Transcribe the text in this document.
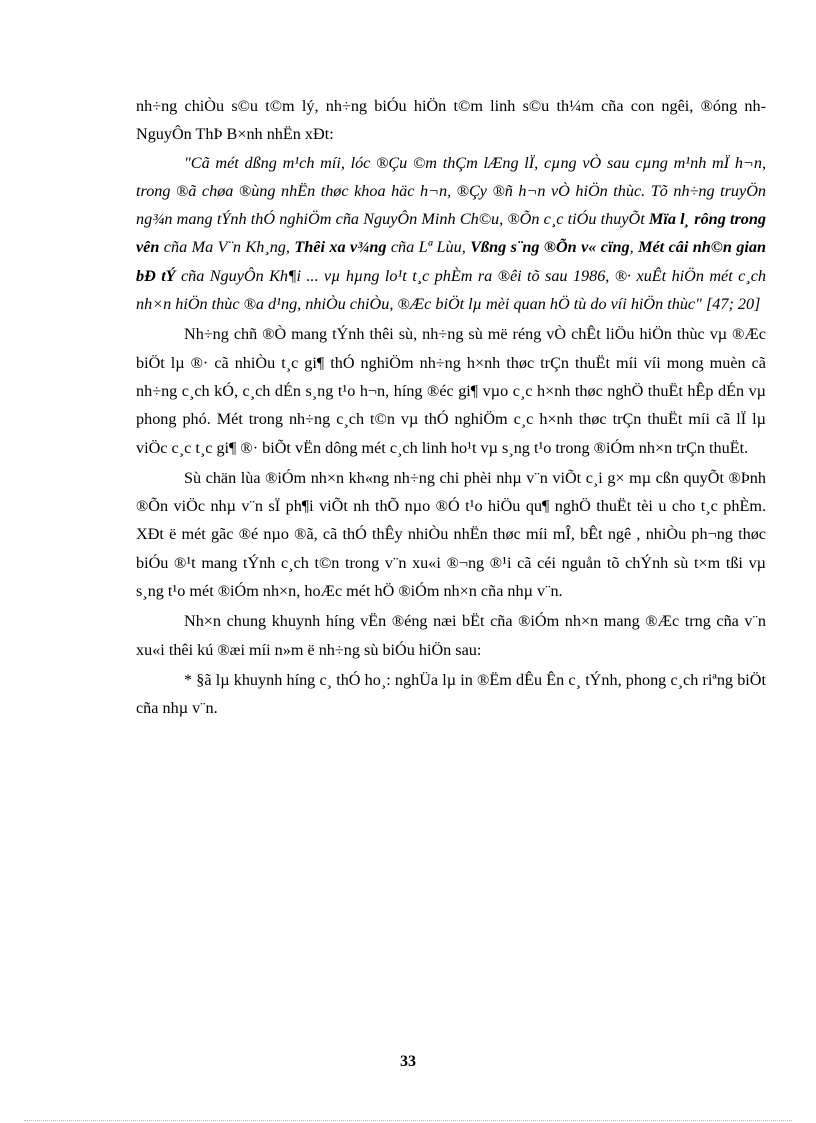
nh÷ng chiÒu s©u t©m lý, nh÷ng biÓu hiÖn t©m linh s©u th¼m cña con ngêi, ®óng nh NguyÔn ThÞ B×nh nhËn xÐt:

"Cã mét dßng m¹ch míi, lóc ®Çu ©m thÇm lÆng lÏ, cµng vÒ sau cµng m¹nh mÏ h¬n, trong ®ã chøa ®ùng nhËn thøc khoa häc h¬n, ®Çy ®ñ h¬n vÒ hiÖn thùc. Tõ nh÷ng truyÖn ng¾n mang tÝnh thÓ nghiÖm cña NguyÔn Minh Ch©u, ®Õn c¸c tiÓu thuyÕt Mïa l¸ rông trong vên cña Ma V¨n Kh¸ng, Thêi xa v¾ng cña Lª Lùu, Vßng s¨ng ®Õn v« cïng, Mét câi nh©n gian bÐ tÝ cña NguyÔn Kh¶i ... vµ hµng lo¹t t¸c phÈm ra ®êi tõ sau 1986, ®· xuÊt hiÖn mét c¸ch nh×n hiÖn thùc ®a d¹ng, nhiÒu chiÒu, ®Æc biÖt lµ mèi quan hÖ tù do víi hiÖn thùc" [47; 20]

Nh÷ng chñ ®Ò mang tÝnh thêi sù, nh÷ng sù më réng vÒ chÊt liÖu hiÖn thùc vµ ®Æc biÖt lµ ®· cã nhiÒu t¸c gi¶ thÓ nghiÖm nh÷ng h×nh thøc trÇn thuËt míi víi mong muèn cã nh÷ng c¸ch kÓ, c¸ch dÉn s¸ng t¹o h¬n, híng ®éc gi¶ vµo c¸c h×nh thøc nghÖ thuËt hÊp dÉn vµ phong phó. Mét trong nh÷ng c¸ch t©n vµ thÓ nghiÖm c¸c h×nh thøc trÇn thuËt míi cã lÏ lµ viÖc c¸c t¸c gi¶ ®· biÕt vËn dông mét c¸ch linh ho¹t vµ s¸ng t¹o trong ®iÓm nh×n trÇn thuËt.

Sù chän lùa ®iÓm nh×n kh«ng nh÷ng chi phèi nhµ v¨n viÕt c¸i g× mµ cßn quyÕt ®Þnh ®Õn viÖc nhµ v¨n sÏ ph¶i viÕt nh thÕ nµo ®Ó t¹o hiÖu qu¶ nghÖ thuËt tèi u cho t¸c phÈm. XÐt ë mét gãc ®é nµo ®ã, cã thÓ thÊy nhiÒu nhËn thøc míi mÎ, bÊt ngê , nhiÒu ph¬ng thøc biÓu ®¹t mang tÝnh c¸ch t©n trong v¨n xu«i ®¬ng ®¹i cã céi nguån tõ chÝnh sù t×m tßi vµ s¸ng t¹o mét ®iÓm nh×n, hoÆc mét hÖ ®iÓm nh×n cña nhµ v¨n.

Nh×n chung khuynh híng vËn ®éng næi bËt cña ®iÓm nh×n mang ®Æc trng cña v¨n xu«i thêi kú ®æi míi n»m ë nh÷ng sù biÓu hiÖn sau:

* §ã lµ khuynh híng c¸ thÓ ho¸: nghÜa lµ in ®Ëm dÊu Ên c¸ tÝnh, phong c¸ch riªng biÖt cña nhµ v¨n.

33
